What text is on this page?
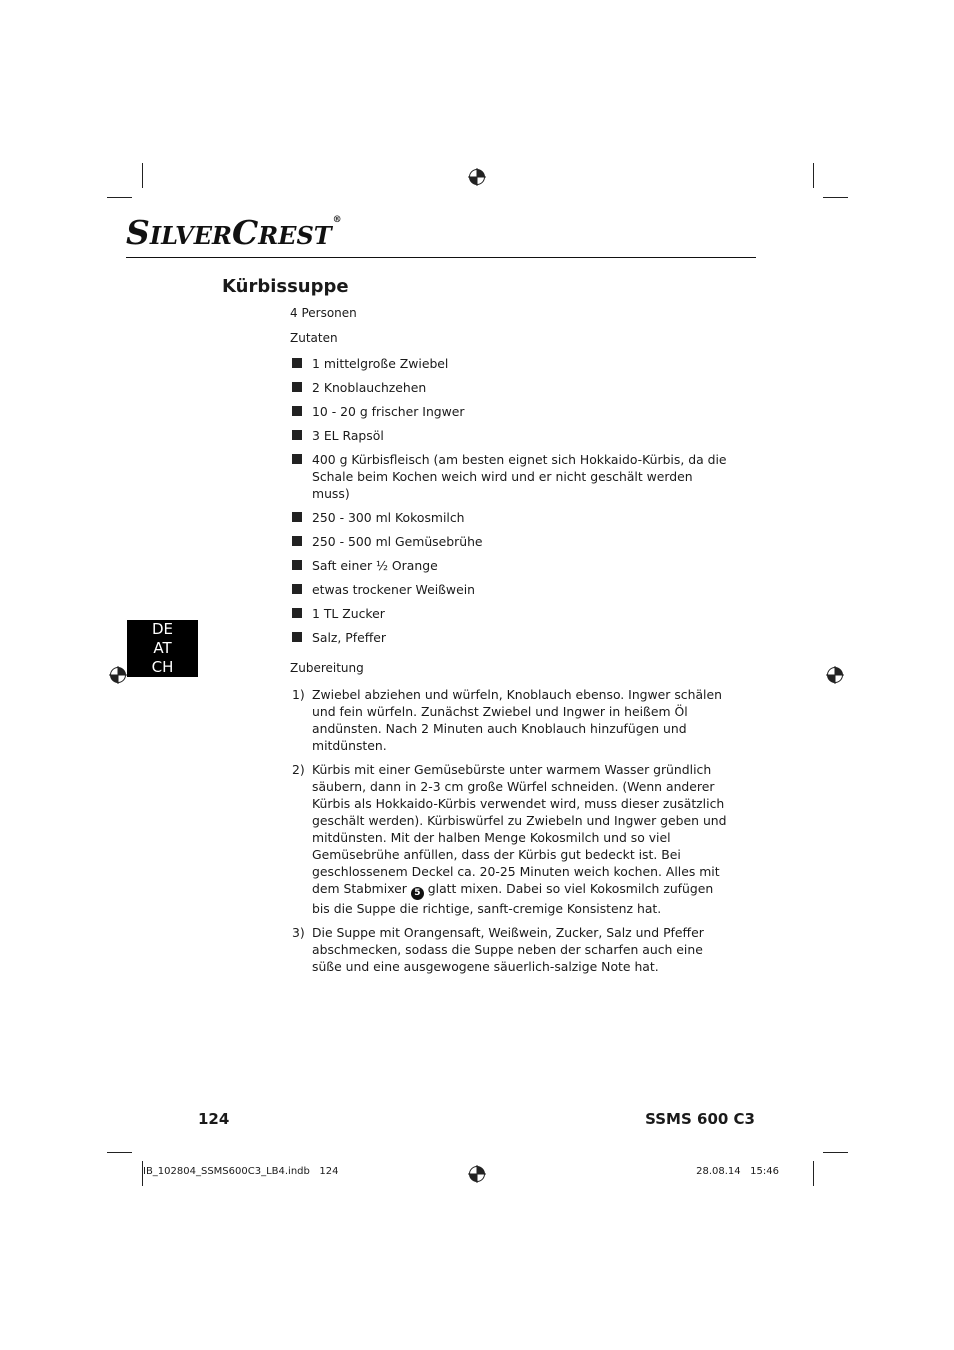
SILVERCREST®
Kürbissuppe
4 Personen
Zutaten
1 mittelgroße Zwiebel
2 Knoblauchzehen
10 - 20 g frischer Ingwer
3 EL Rapsöl
400 g Kürbisfleisch (am besten eignet sich Hokkaido-Kürbis, da die Schale beim Kochen weich wird und er nicht geschält werden muss)
250 - 300 ml Kokosmilch
250 - 500 ml Gemüsebrühe
Saft einer ½ Orange
etwas trockener Weißwein
1 TL Zucker
Salz, Pfeffer
DE
AT
CH	Zubereitung
1) Zwiebel abziehen und würfeln, Knoblauch ebenso. Ingwer schälen und fein würfeln. Zunächst Zwiebel und Ingwer in heißem Öl andünsten. Nach 2 Minuten auch Knoblauch hinzufügen und mitdünsten.
2) Kürbis mit einer Gemüsebürste unter warmem Wasser gründlich säubern, dann in 2-3 cm große Würfel schneiden. (Wenn anderer Kürbis als Hokkaido-Kürbis verwendet wird, muss dieser zusätzlich geschält werden). Kürbiswürfel zu Zwiebeln und Ingwer geben und mitdünsten. Mit der halben Menge Kokosmilch und so viel Gemüsebrühe anfüllen, dass der Kürbis gut bedeckt ist. Bei geschlossenem Deckel ca. 20-25 Minuten weich kochen. Alles mit dem Stabmixer 5 glatt mixen. Dabei so viel Kokosmilch zufügen bis die Suppe die richtige, sanft-cremige Konsistenz hat.
3) Die Suppe mit Orangensaft, Weißwein, Zucker, Salz und Pfeffer abschmecken, sodass die Suppe neben der scharfen auch eine süße und eine ausgewogene säuerlich-salzige Note hat.
124	SSMS 600 C3
IB_102804_SSMS600C3_LB4.indb   124	28.08.14   15:46
